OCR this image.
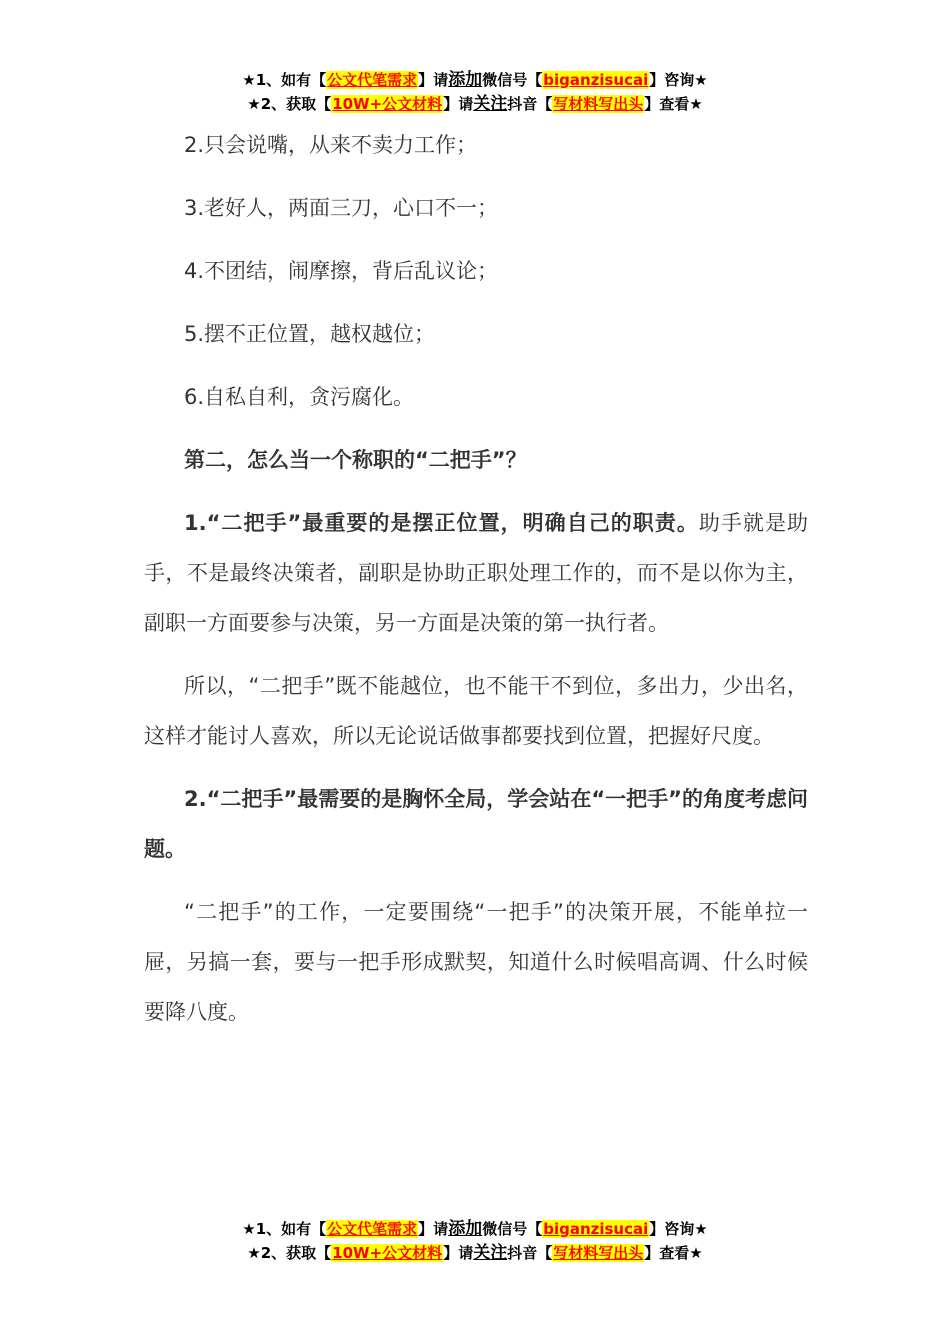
★1、如有【公文代笔需求】请添加微信号【biganzisucai】咨询★
★2、获取【10W+公文材料】请关注抖音【写材料写出头】查看★

2.只会说嘴，从来不卖力工作；

3.老好人，两面三刀，心口不一；

4.不团结，闹摩擦，背后乱议论；

5.摆不正位置，越权越位；

6.自私自利，贪污腐化。

第二，怎么当一个称职的“二把手”？

1.“二把手”最重要的是摆正位置，明确自己的职责。助手就是助手，不是最终决策者，副职是协助正职处理工作的，而不是以你为主，副职一方面要参与决策，另一方面是决策的第一执行者。

所以，“二把手”既不能越位，也不能干不到位，多出力，少出名，这样才能讨人喜欢，所以无论说话做事都要找到位置，把握好尺度。

2.“二把手”最需要的是胸怀全局，学会站在“一把手”的角度考虑问题。

“二把手”的工作，一定要围绕“一把手”的决策开展，不能单拉一屉，另搞一套，要与一把手形成默契，知道什么时候唱高调、什么时候要降八度。

★1、如有【公文代笔需求】请添加微信号【biganzisucai】咨询★
★2、获取【10W+公文材料】请关注抖音【写材料写出头】查看★
